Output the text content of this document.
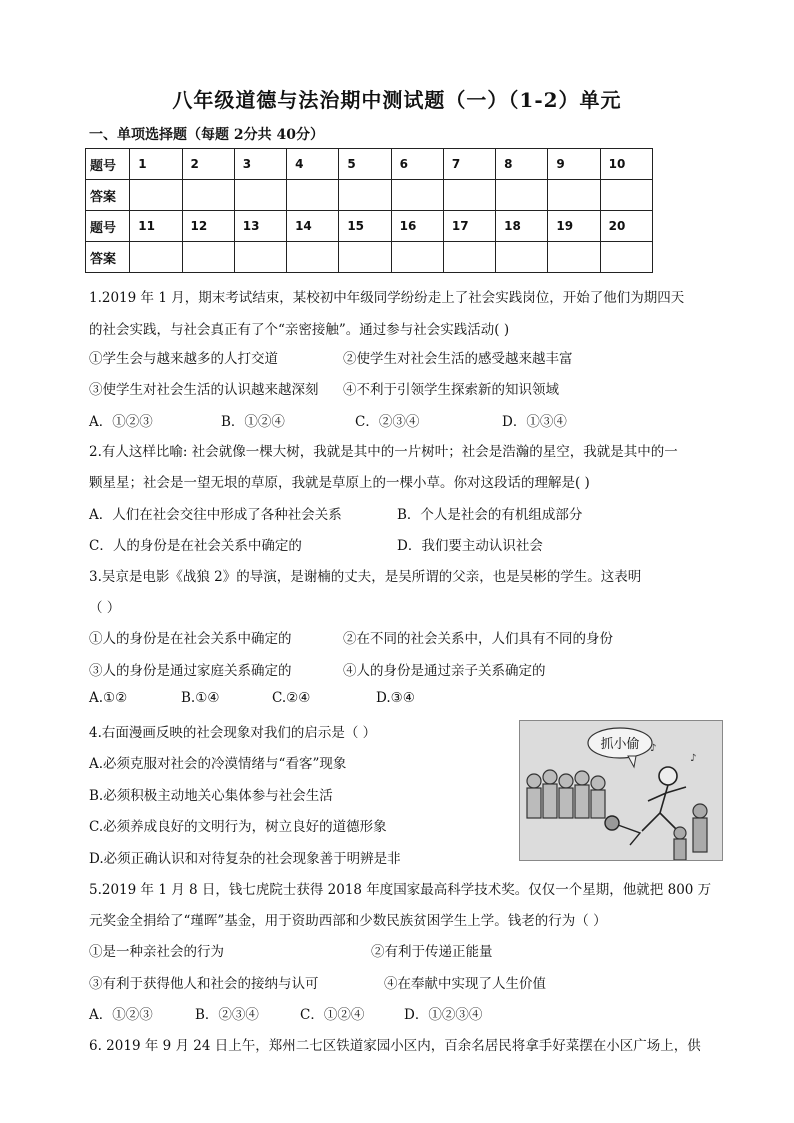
八年级道德与法治期中测试题（一）（1-2）单元
一、单项选择题（每题 2分共 40分）
题号	1	2	3	4	5	6	7	8	9	10
答案										
题号	11	12	13	14	15	16	17	18	19	20
答案										
1.2019 年 1 月，期末考试结束，某校初中年级同学纷纷走上了社会实践岗位，开始了他们为期四天
的社会实践，与社会真正有了个“亲密接触”。通过参与社会实践活动( )
①学生会与越来越多的人打交道	②使学生对社会生活的感受越来越丰富
③使学生对社会生活的认识越来越深刻 ④不利于引领学生探索新的知识领域
A．①②③	B．①②④	C．②③④	D．①③④
2.有人这样比喻: 社会就像一棵大树，我就是其中的一片树叶；社会是浩瀚的星空，我就是其中的一
颗星星；社会是一望无垠的草原，我就是草原上的一棵小草。你对这段话的理解是( )
A．人们在社会交往中形成了各种社会关系	B．个人是社会的有机组成部分
C．人的身份是在社会关系中确定的	D．我们要主动认识社会
3.吴京是电影《战狼 2》的导演，是谢楠的丈夫，是吴所谓的父亲，也是吴彬的学生。这表明
（ ）
①人的身份是在社会关系中确定的	②在不同的社会关系中，人们具有不同的身份
③人的身份是通过家庭关系确定的	④人的身份是通过亲子关系确定的
A.①②	B.①④	C.②④	D.③④
4.右面漫画反映的社会现象对我们的启示是（ ）
A.必须克服对社会的冷漠情绪与“看客”现象
B.必须积极主动地关心集体参与社会生活
C.必须养成良好的文明行为，树立良好的道德形象
D.必须正确认识和对待复杂的社会现象善于明辨是非
抓小偷 ♪
♪
5.2019 年 1 月 8 日，钱七虎院士获得 2018 年度国家最高科学技术奖。仅仅一个星期，他就把 800 万
元奖金全捐给了“瑾晖”基金，用于资助西部和少数民族贫困学生上学。钱老的行为（ ）
①是一种亲社会的行为	②有利于传递正能量
③有利于获得他人和社会的接纳与认可	④在奉献中实现了人生价值
A．①②③	B．②③④	C．①②④	D．①②③④
6. 2019 年 9 月 24 日上午，郑州二七区铁道家园小区内，百余名居民将拿手好菜摆在小区广场上，供
